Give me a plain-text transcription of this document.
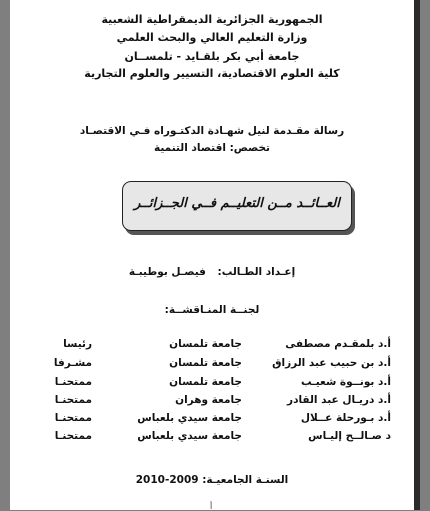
الجمهورية الجزائرية الديمقراطية الشعبية
وزارة التعليم العالي والبحث العلمي
جامعة أبي بكر بلقـايد - تلمســان
كلية العلوم الاقتصادية، التسيير والعلوم التجارية
رسالة مقـدمة لنيل شهـادة الدكتـوراه فـي الاقتصـاد
تخصص: اقتصاد التنمية
العــائــد مــن التعليــم فــي الجــزائــر
إعـداد الطـالب: فيصـل بوطيبـة
لجنــة المنـاقشــة:
أ.د بلمقـدم مصطفى
جامعة تلمسان
رئيسا
أ.د بن حبيب عبد الرزاق
جامعة تلمسان
مشـرفا
أ.د بونــوة شعيـب
جامعة تلمسان
ممتحنـا
أ.د دريـال عبد القادر
جامعة وهران
ممتحنـا
أ.د بـورحلة عــلال
جامعة سيدي بلعباس
ممتحنـا
د صـالــح إليـاس
جامعة سيدي بلعباس
ممتحنـا
السنـة الجامعيـة: 2009-2010
أ
